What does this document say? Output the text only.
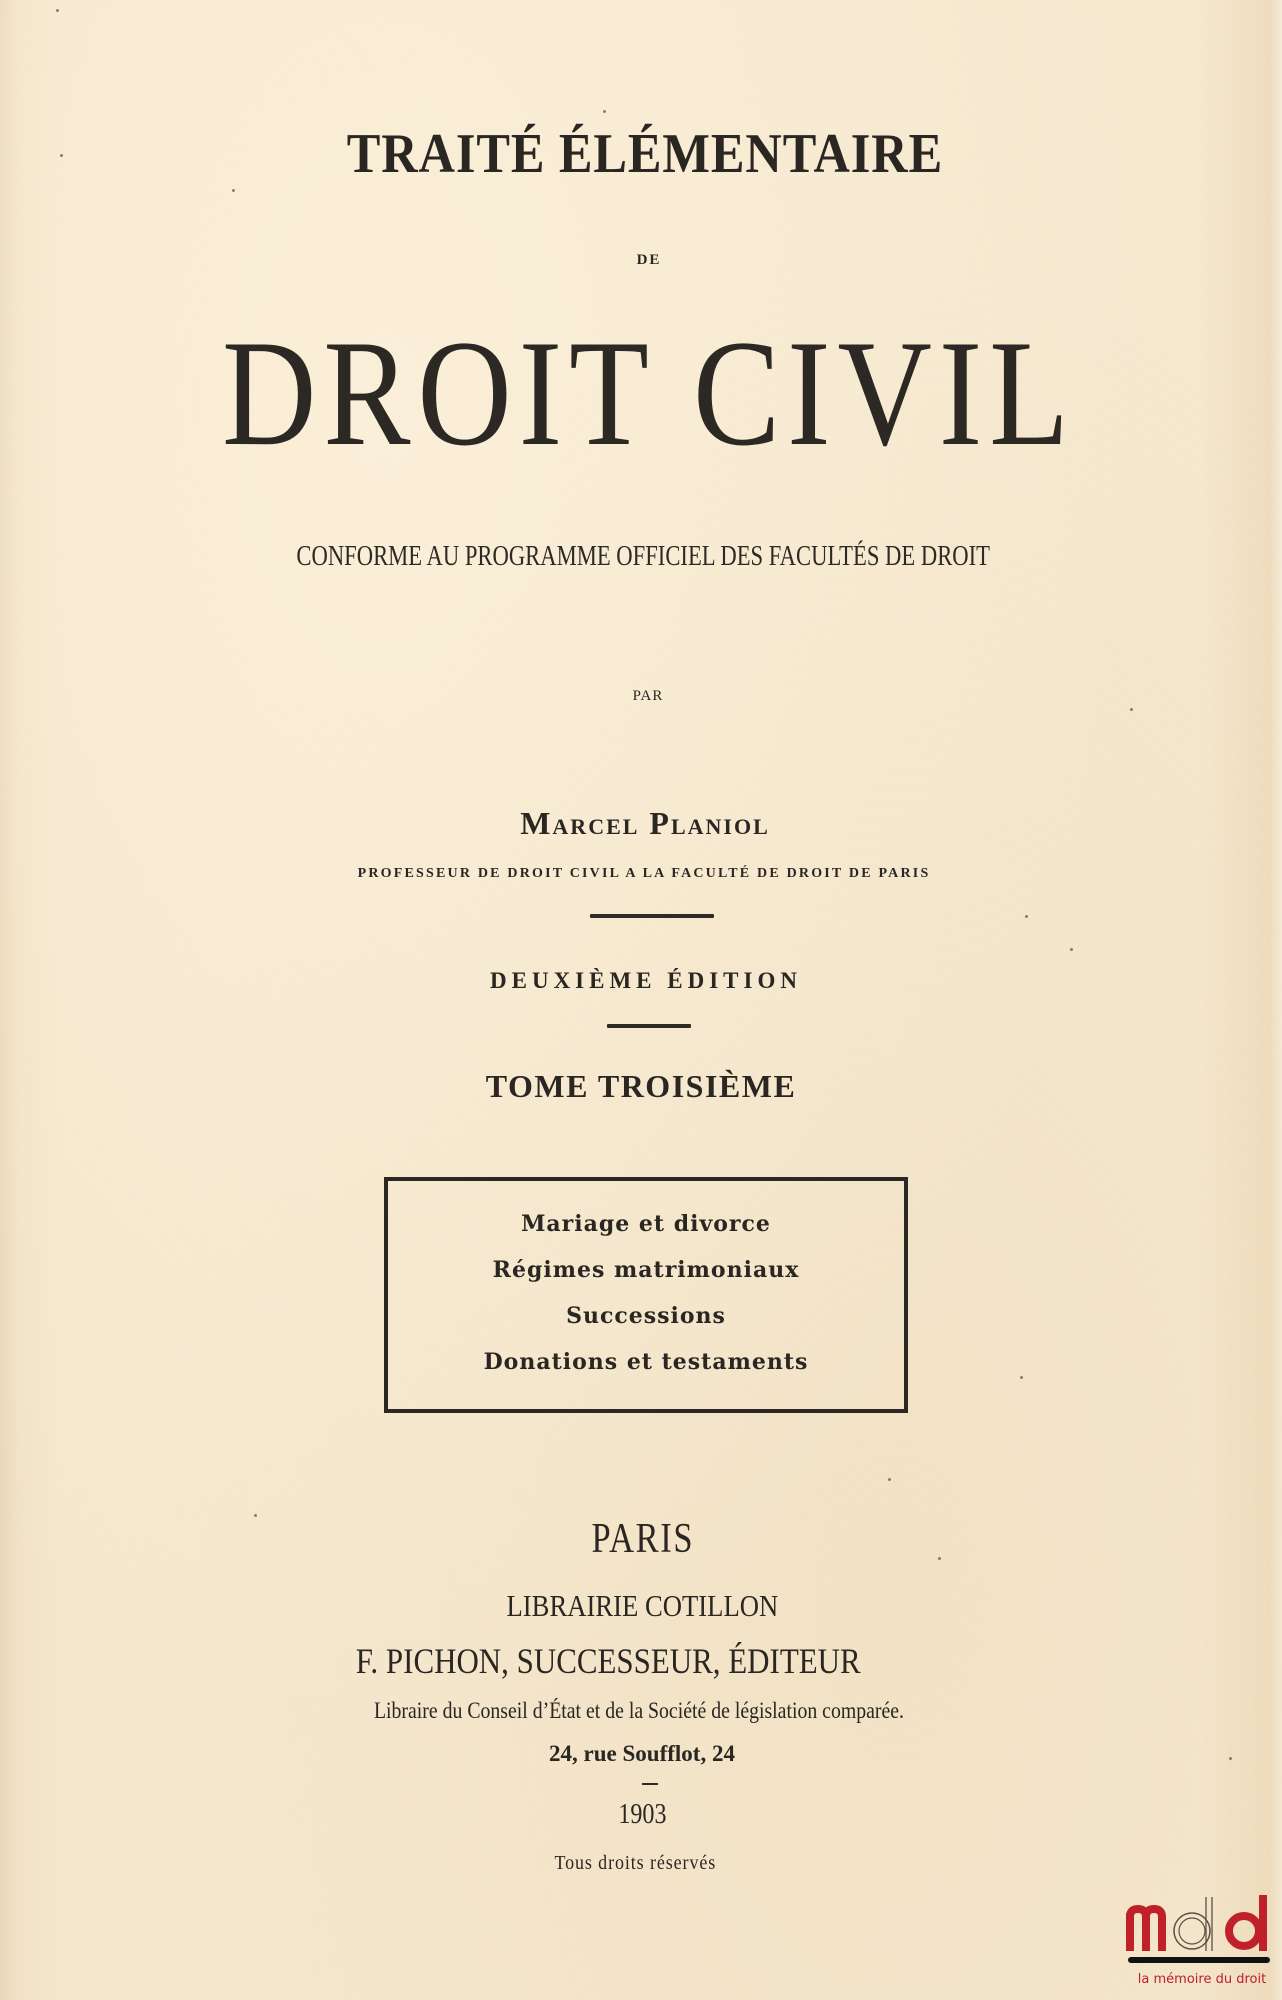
TRAITÉ ÉLÉMENTAIRE
DE
DROIT CIVIL
CONFORME AU PROGRAMME OFFICIEL DES FACULTÉS DE DROIT
PAR
Marcel Planiol
PROFESSEUR DE DROIT CIVIL A LA FACULTÉ DE DROIT DE PARIS
DEUXIÈME ÉDITION
TOME TROISIÈME
Mariage et divorce
Régimes matrimoniaux
Successions
Donations et testaments
PARIS
LIBRAIRIE COTILLON
F. PICHON, SUCCESSEUR, ÉDITEUR
Libraire du Conseil d’État et de la Société de législation comparée.
24, rue Soufflot, 24
1903
Tous droits réservés
la mémoire du droit
